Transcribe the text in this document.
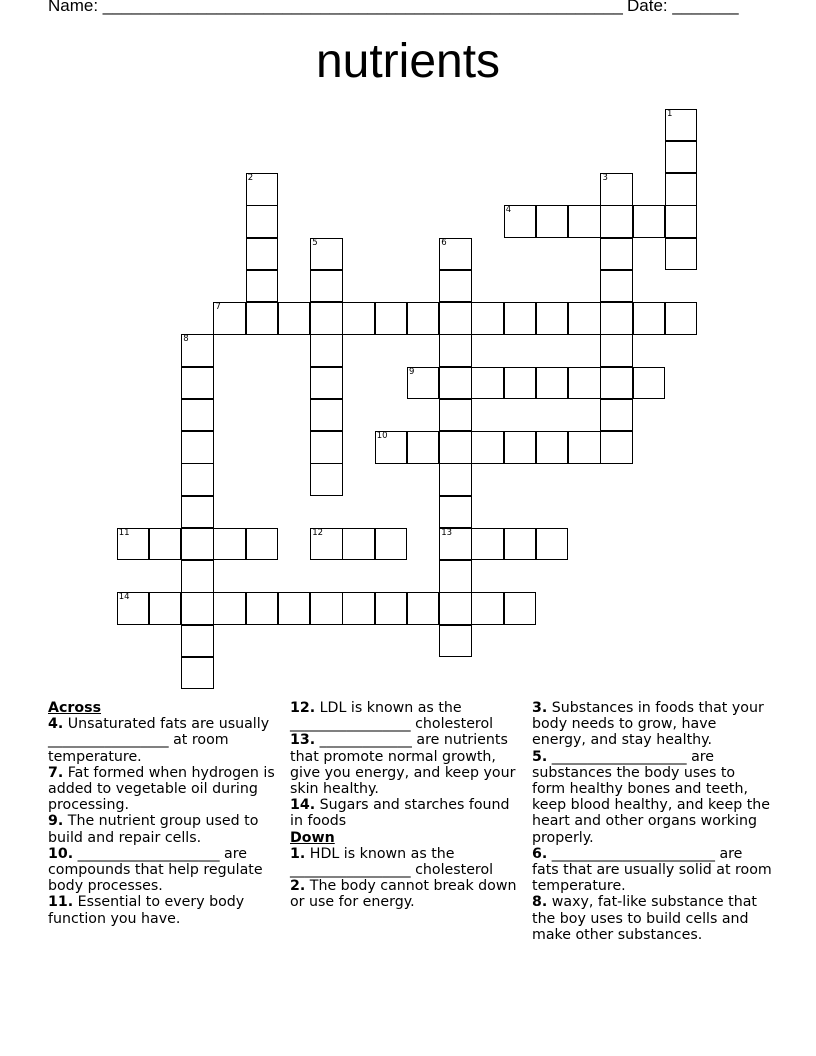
Name: _______________________________________________________ Date: _______
nutrients
1
2	3
4
5	6
13
7
8
9
10
11	12
14
Across

4. Unsaturated fats are usually _________________ at room temperature.

7. Fat formed when hydrogen is added to vegetable oil during processing.

9. The nutrient group used to build and repair cells.

10. ____________________ are compounds that help regulate body processes.

11. Essential to every body function you have.

12. LDL is known as the _________________ cholesterol

13. _____________ are nutrients that promote normal growth, give you energy, and keep your skin healthy.

14. Sugars and starches found in foods

Down

1. HDL is known as the _________________ cholesterol

2. The body cannot break down or use for energy.

3. Substances in foods that your body needs to grow, have energy, and stay healthy.

5. ___________________ are substances the body uses to form healthy bones and teeth, keep blood healthy, and keep the heart and other organs working properly.

6. _______________________ are fats that are usually solid at room temperature.

8. waxy, fat-like substance that the boy uses to build cells and make other substances.
